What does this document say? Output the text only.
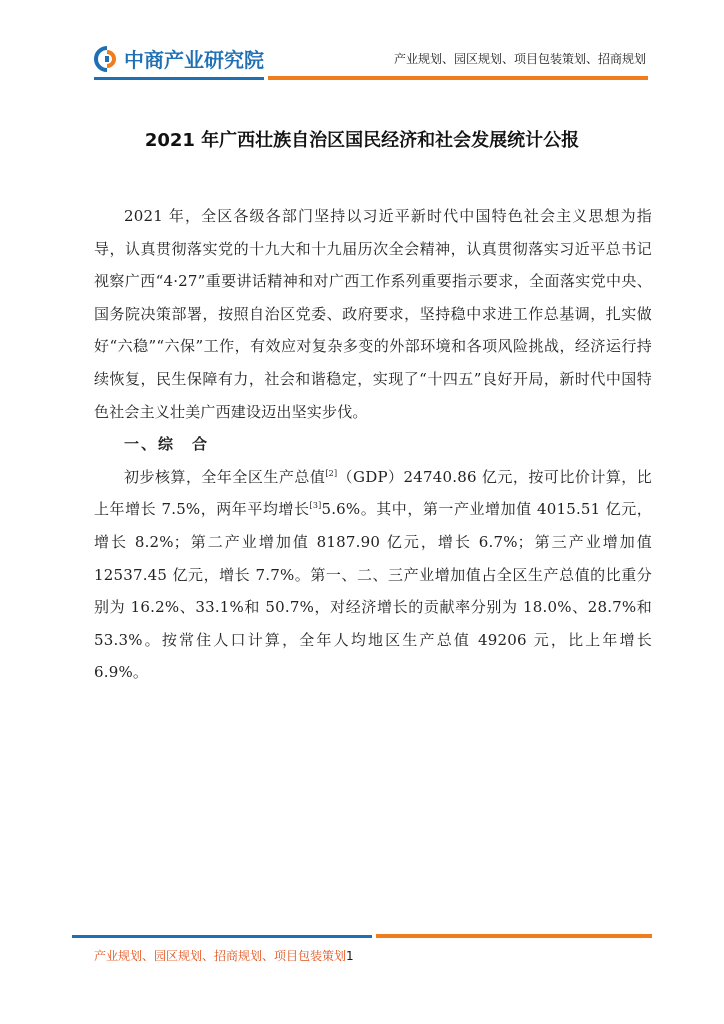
中商产业研究院	产业规划、园区规划、项目包装策划、招商规划
2021 年广西壮族自治区国民经济和社会发展统计公报

2021 年，全区各级各部门坚持以习近平新时代中国特色社会主义思想为指导，认真贯彻落实党的十九大和十九届历次全会精神，认真贯彻落实习近平总书记视察广西“4·27”重要讲话精神和对广西工作系列重要指示要求，全面落实党中央、国务院决策部署，按照自治区党委、政府要求，坚持稳中求进工作总基调，扎实做好“六稳”“六保”工作，有效应对复杂多变的外部环境和各项风险挑战，经济运行持续恢复，民生保障有力，社会和谐稳定，实现了“十四五”良好开局，新时代中国特色社会主义壮美广西建设迈出坚实步伐。

一、综　合

初步核算，全年全区生产总值[2]（GDP）24740.86 亿元，按可比价计算，比上年增长 7.5%，两年平均增长[3]5.6%。其中，第一产业增加值 4015.51 亿元，增长 8.2%；第二产业增加值 8187.90 亿元，增长 6.7%；第三产业增加值 12537.45 亿元，增长 7.7%。第一、二、三产业增加值占全区生产总值的比重分别为 16.2%、33.1%和 50.7%，对经济增长的贡献率分别为 18.0%、28.7%和 53.3%。按常住人口计算，全年人均地区生产总值 49206 元，比上年增长 6.9%。

产业规划、园区规划、招商规划、项目包装策划1
